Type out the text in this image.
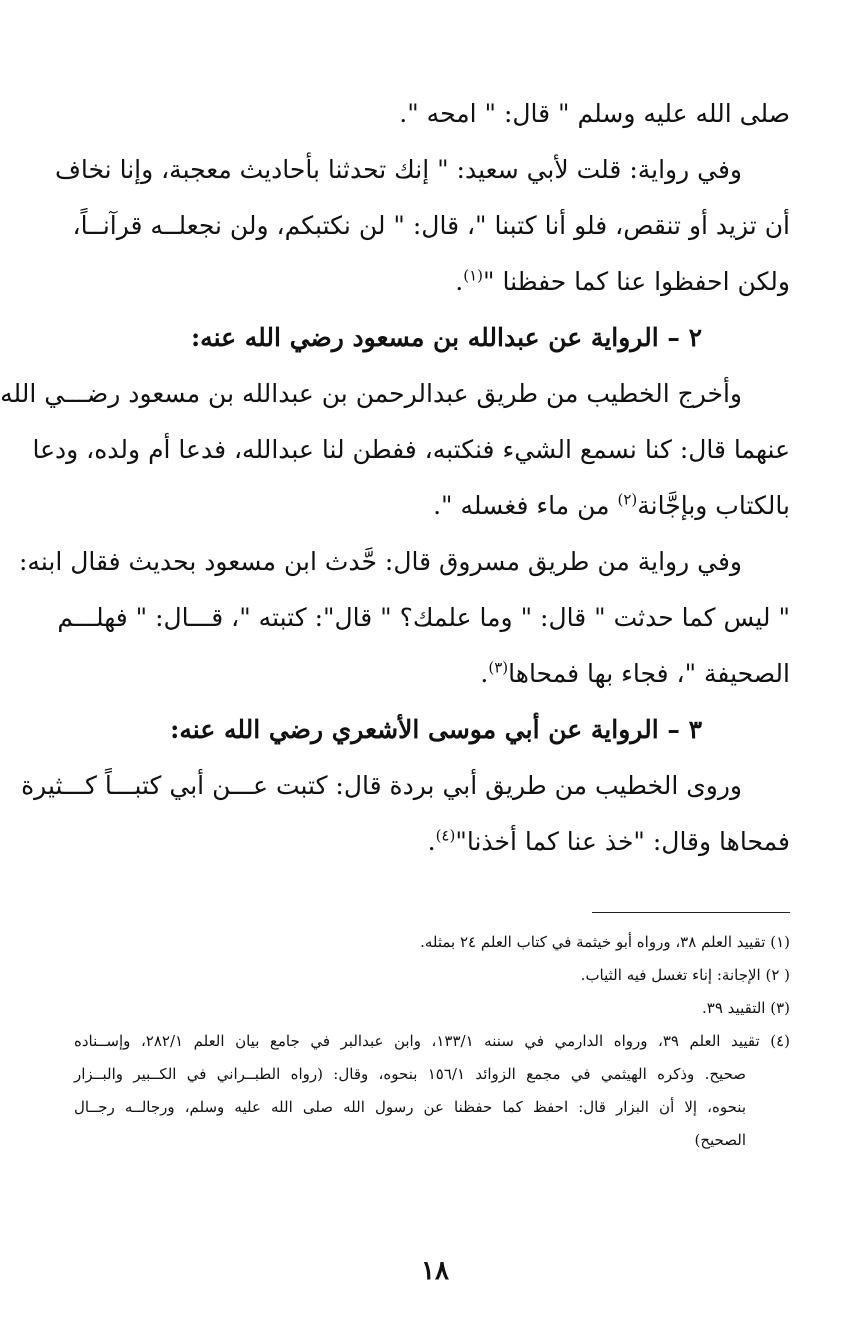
صلى الله عليه وسلم " قال: " امحه ".
وفي رواية: قلت لأبي سعيد: " إنك تحدثنا بأحاديث معجبة، وإنا نخاف
أن تزيد أو تنقص، فلو أنا كتبنا "، قال: " لن نكتبكم، ولن نجعلــه قرآنــاً،
ولكن احفظوا عنا كما حفظنا "$^{(١)}$.
٢ – الرواية عن عبدالله بن مسعود رضي الله عنه:
وأخرج الخطيب من طريق عبدالرحمن بن عبدالله بن مسعود رضـــي الله
عنهما قال: كنا نسمع الشيء فنكتبه، ففطن لنا عبدالله، فدعا أم ولده، ودعا
بالكتاب وبإجَّانة$^{(٢)}$ من ماء فغسله ".
وفي رواية من طريق مسروق قال: حَّدث ابن مسعود بحديث فقال ابنه:
" ليس كما حدثت " قال: " وما علمك؟ " قال": كتبته "، قـــال: " فهلـــم
الصحيفة "، فجاء بها فمحاها$^{(٣)}$.
٣ – الرواية عن أبي موسى الأشعري رضي الله عنه:
وروى الخطيب من طريق أبي بردة قال: كتبت عـــن أبي كتبـــاً كـــثيرة
فمحاها وقال: "خذ عنا كما أخذنا"$^{(٤)}$.
(١) تقييد العلم ٣٨، ورواه أبو خيثمة في كتاب العلم ٢٤ بمثله.
( ٢) الإجانة: إناء تغسل فيه الثياب.
(٣) التقييد ٣٩.
(٤) تقييد العلم ٣٩، ورواه الدارمي في سننه ١٣٣/١، وابن عبدالبر في جامع بيان العلم ٢٨٢/١، وإســناده
صحيح. وذكره الهيثمي في مجمع الزوائد ١٥٦/١ بنحوه، وقال: (رواه الطبــراني في الكــبير والبــزار
بنحوه، إلا أن البزار قال: احفظ كما حفظنا عن رسول الله صلى الله عليه وسلم، ورجالــه رجــال
الصحيح)
١٨
